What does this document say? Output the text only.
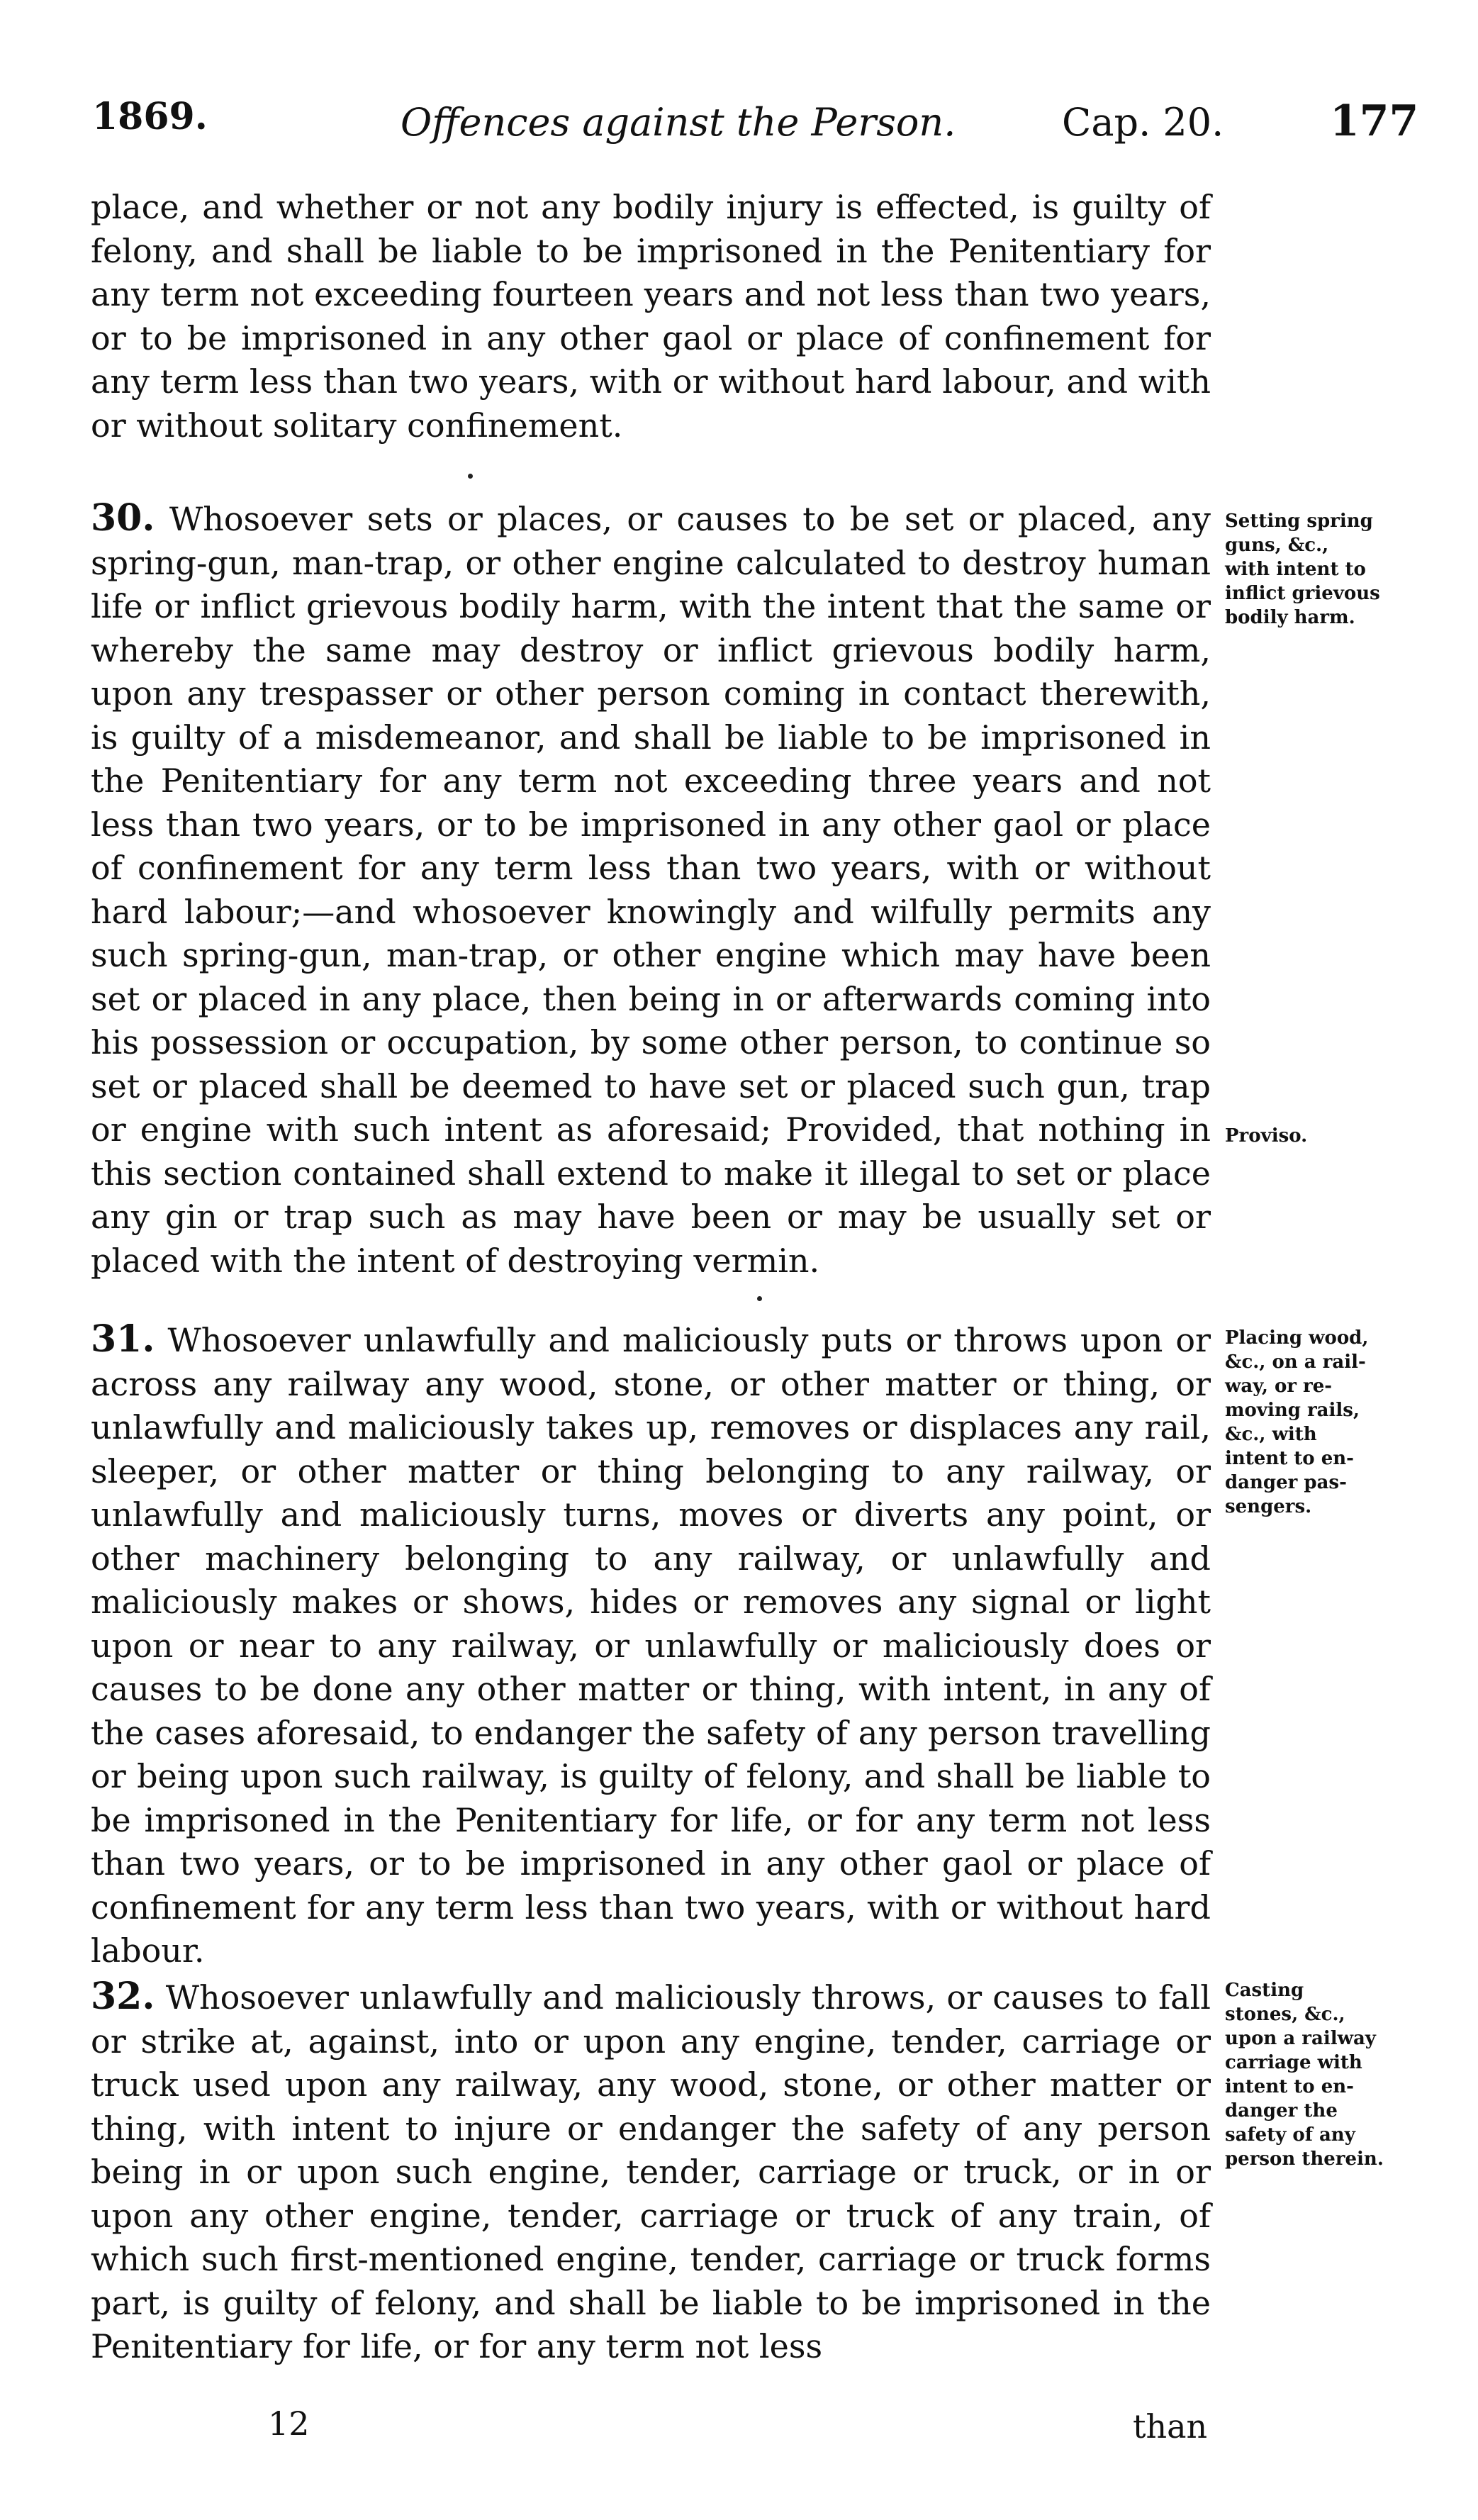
1869.	Offences against the Person.	Cap. 20. 177

place, and whether or not any bodily injury is effected, is guilty of felony, and shall be liable to be imprisoned in the Penitentiary for any term not exceeding fourteen years and not less than two years, or to be imprisoned in any other gaol or place of confinement for any term less than two years, with or without hard labour, and with or without solitary confinement.

30. Whosoever sets or places, or causes to be set or placed, any spring-gun, man-trap, or other engine calculated to destroy human life or inflict grievous bodily harm, with the intent that the same or whereby the same may destroy or inflict grievous bodily harm, upon any trespasser or other person coming in contact therewith, is guilty of a misdemeanor, and shall be liable to be imprisoned in the Penitentiary for any term not exceeding three years and not less than two years, or to be imprisoned in any other gaol or place of confinement for any term less than two years, with or without hard labour;—and whosoever knowingly and wilfully permits any such spring-gun, man-trap, or other engine which may have been set or placed in any place, then being in or afterwards coming into his possession or occupation, by some other person, to continue so set or placed shall be deemed to have set or placed such gun, trap or engine with such intent as aforesaid; Provided, that nothing in this section contained shall extend to make it illegal to set or place any gin or trap such as may have been or may be usually set or placed with the intent of destroying vermin.

31. Whosoever unlawfully and maliciously puts or throws upon or across any railway any wood, stone, or other matter or thing, or unlawfully and maliciously takes up, removes or displaces any rail, sleeper, or other matter or thing belonging to any railway, or unlawfully and maliciously turns, moves or diverts any point, or other machinery belonging to any railway, or unlawfully and maliciously makes or shows, hides or removes any signal or light upon or near to any railway, or unlawfully or maliciously does or causes to be done any other matter or thing, with intent, in any of the cases aforesaid, to endanger the safety of any person travelling or being upon such railway, is guilty of felony, and shall be liable to be imprisoned in the Penitentiary for life, or for any term not less than two years, or to be imprisoned in any other gaol or place of confinement for any term less than two years, with or without hard labour.

32. Whosoever unlawfully and maliciously throws, or causes to fall or strike at, against, into or upon any engine, tender, carriage or truck used upon any railway, any wood, stone, or other matter or thing, with intent to injure or endanger the safety of any person being in or upon such engine, tender, carriage or truck, or in or upon any other engine, tender, carriage or truck of any train, of which such first-mentioned engine, tender, carriage or truck forms part, is guilty of felony, and shall be liable to be imprisoned in the Penitentiary for life, or for any term not less

Setting spring
guns, &c.,
with intent to
inflict grievous
bodily harm.
Proviso.
Placing wood,
&c., on a rail-
way, or re-
moving rails,
&c., with
intent to en-
danger pas-
sengers.
Casting
stones, &c.,
upon a railway
carriage with
intent to en-
danger the
safety of any
person therein.
12	than
